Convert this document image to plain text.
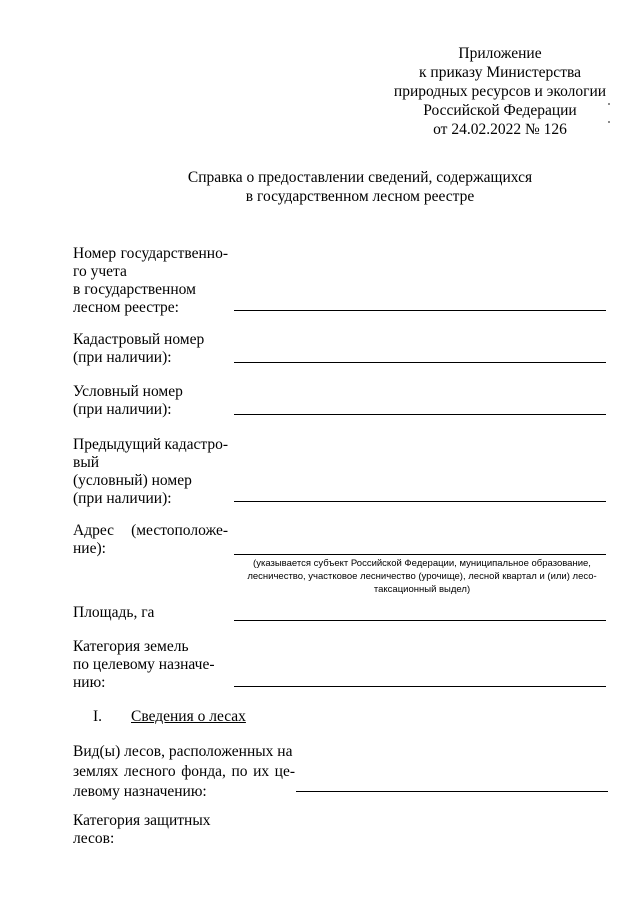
Приложение
к приказу Министерства
природных ресурсов и экологии
Российской Федерации
от 24.02.2022 № 126
Справка о предоставлении сведений, содержащихся
в государственном лесном реестре
Номер государственно-
го учета
в государственном
лесном реестре:
Кадастровый номер
(при наличии):
Условный номер
(при наличии):
Предыдущий кадастро-
вый
(условный) номер
(при наличии):
Адрес (местоположе-
ние):
(указывается субъект Российской Федерации, муниципальное образование,
лесничество, участковое лесничество (урочище), лесной квартал и (или) лесо-
таксационный выдел)
Площадь, га
Категория земель
по целевому назначе-
нию:
I. Сведения о лесах
Вид(ы) лесов, расположенных на
землях лесного фонда, по их це-
левому назначению:
Категория защитных
лесов:
